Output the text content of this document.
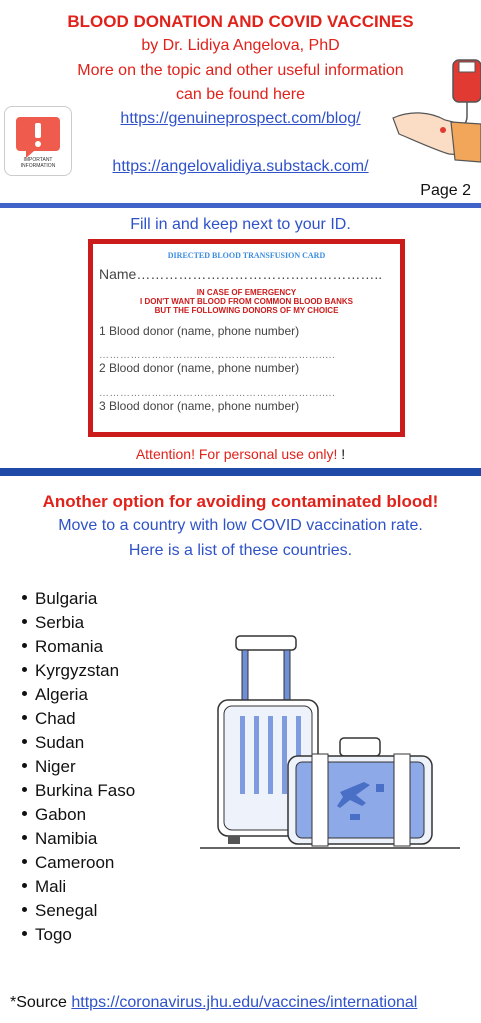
BLOOD DONATION AND COVID VACCINES
by Dr. Lidiya Angelova, PhD
More on the topic and other useful information
can be found here
https://genuineprospect.com/blog/
https://angelovalidiya.substack.com/
IMPORTANT
INFORMATION
Page 2
Fill in and keep next to your ID.
DIRECTED BLOOD TRANSFUSION CARD
Name……………………………………………..
IN CASE OF EMERGENCY
I DON'T WANT BLOOD FROM COMMON BLOOD BANKS
BUT THE FOLLOWING DONORS OF MY CHOICE
1 Blood donor (name, phone number)
……………………………………………………........
2 Blood donor (name, phone number)
……………………………………………………........
3 Blood donor (name, phone number)
Attention! For personal use only! !
Another option for avoiding contaminated blood!
Move to a country with low COVID vaccination rate.
Here is a list of these countries.
Bulgaria
Serbia
Romania
Kyrgyzstan
Algeria
Chad
Sudan
Niger
Burkina Faso
Gabon
Namibia
Cameroon
Mali
Senegal
Togo
*Source https://coronavirus.jhu.edu/vaccines/international
